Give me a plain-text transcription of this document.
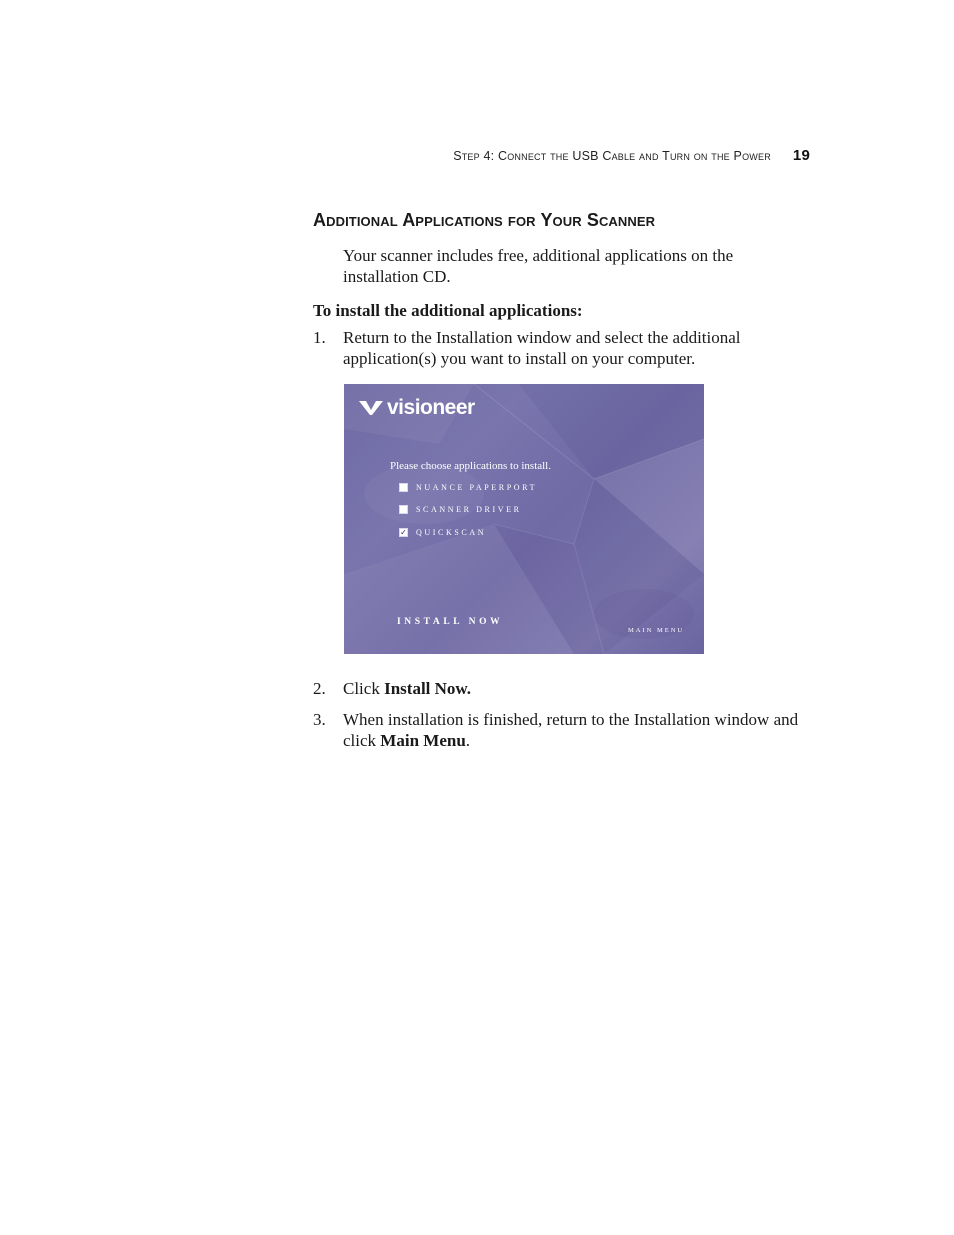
Step 4: Connect the USB Cable and Turn on the Power 19
Additional Applications for Your Scanner

Your scanner includes free, additional applications on the installation CD.

To install the additional applications:

1. Return to the Installation window and select the additional application(s) you want to install on your computer.
visioneer
Please choose applications to install.
NUANCE PAPERPORT
SCANNER DRIVER
✓ QUICKSCAN
INSTALL NOW
MAIN MENU
2. Click Install Now.
3. When installation is finished, return to the Installation window and click Main Menu.
